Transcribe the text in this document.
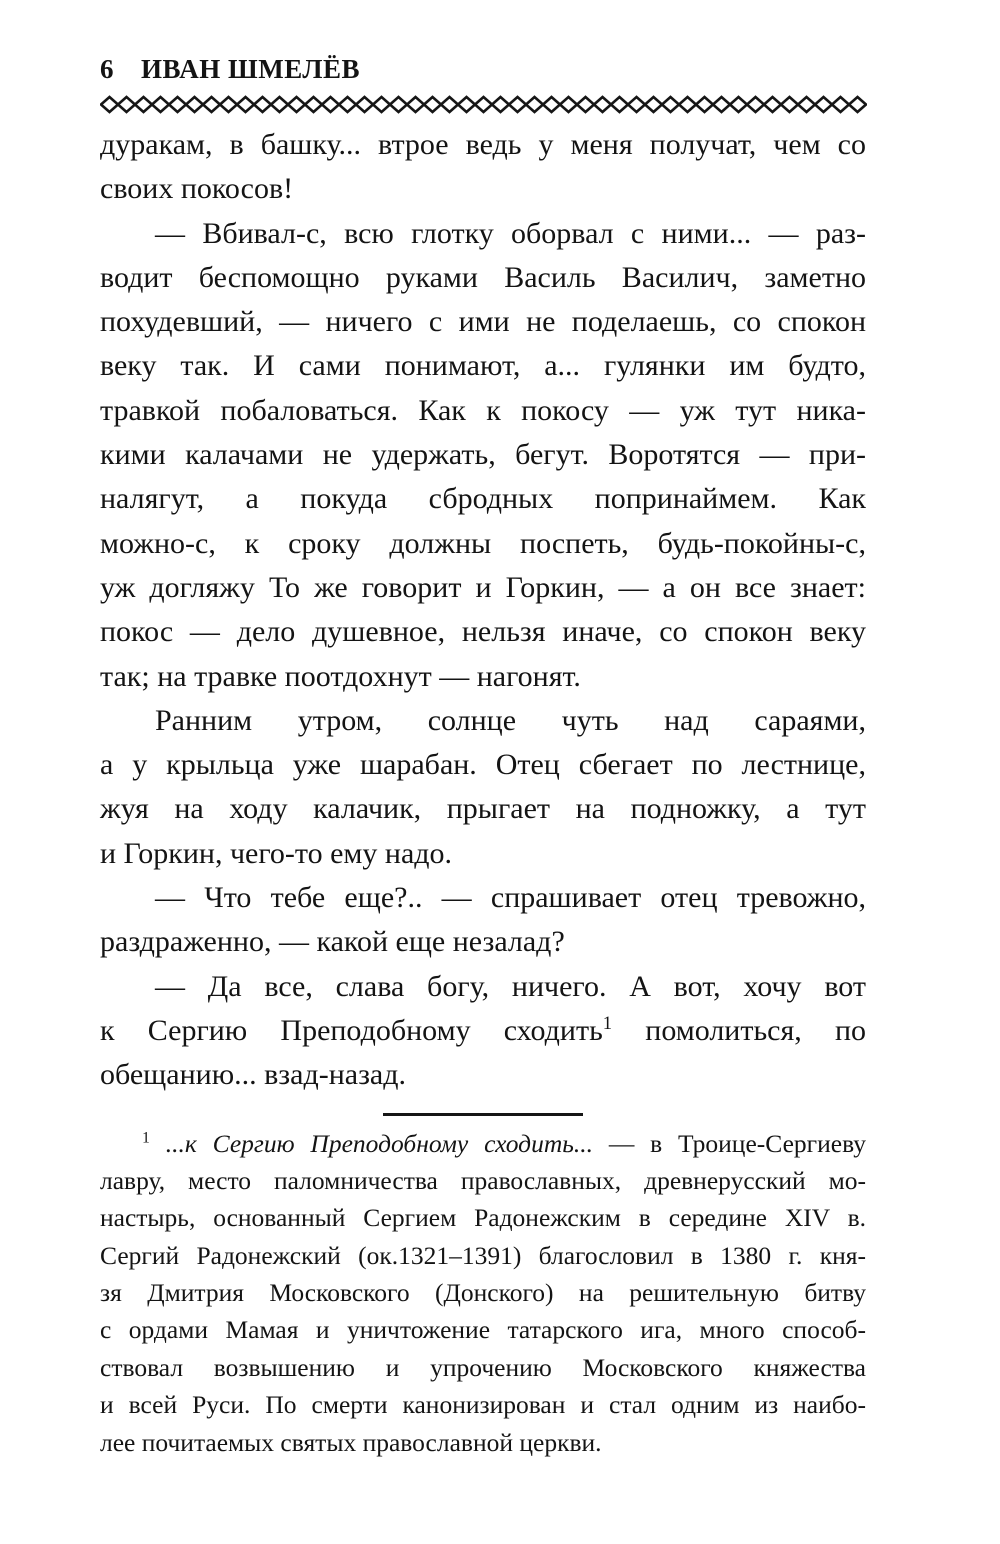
6 ИВАН ШМЕЛЁВ
дуракам, в башку... втрое ведь у меня получат, чем со
своих покосов!
— Вбивал-с, всю глотку оборвал с ними... — раз-
водит беспомощно руками Василь Василич, заметно
похудевший, — ничего с ими не поделаешь, со спокон
веку так. И сами понимают, а... гулянки им будто,
травкой побаловаться. Как к покосу — уж тут ника-
кими калачами не удержать, бегут. Воротятся — при-
налягут, а покуда сбродных попринаймем. Как
можно-с, к сроку должны поспеть, будь-покойны-с,
уж догляжу То же говорит и Горкин, — а он все знает:
покос — дело душевное, нельзя иначе, со спокон веку
так; на травке поотдохнут — нагонят.
Ранним утром, солнце чуть над сараями,
а у крыльца уже шарабан. Отец сбегает по лестнице,
жуя на ходу калачик, прыгает на подножку, а тут
и Горкин, чего-то ему надо.
— Что тебе еще?.. — спрашивает отец тревожно,
раздраженно, — какой еще незалад?
— Да все, слава богу, ничего. А вот, хочу вот
к Сергию Преподобному сходить$^1$ помолиться, по
обещанию... взад-назад.
$^1$ ...к Сергию Преподобному сходить... — в Троице-Сергиеву
лавру, место паломничества православных, древнерусский мо-
настырь, основанный Сергием Радонежским в середине XIV в.
Сергий Радонежский (ок.1321–1391) благословил в 1380 г. кня-
зя Дмитрия Московского (Донского) на решительную битву
с ордами Мамая и уничтожение татарского ига, много способ-
ствовал возвышению и упрочению Московского княжества
и всей Руси. По смерти канонизирован и стал одним из наибо-
лее почитаемых святых православной церкви.
